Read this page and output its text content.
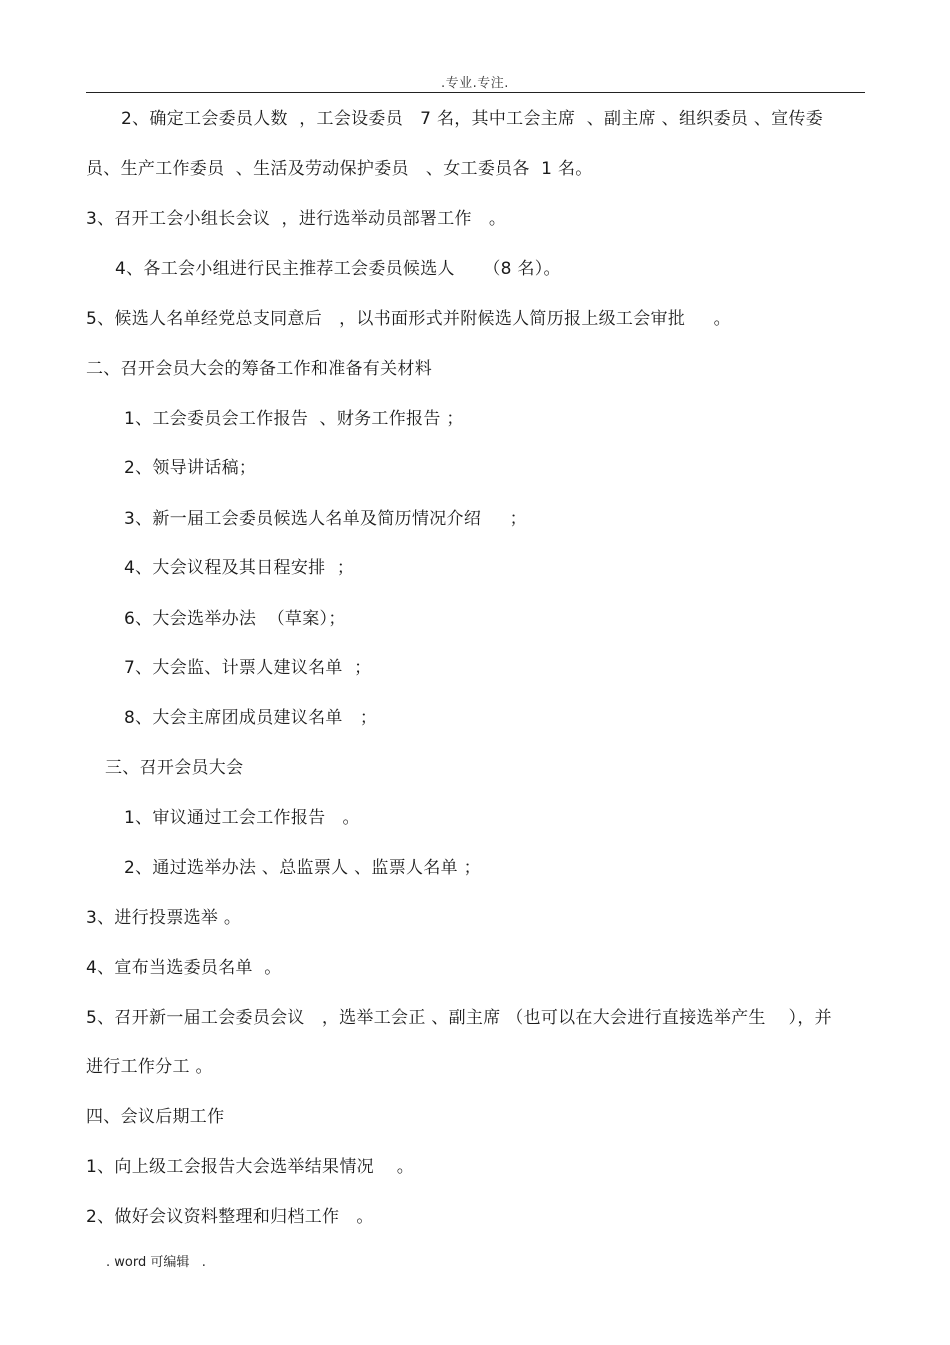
.专业.专注.
2、确定工会委员人数  ，工会设委员   7 名，其中工会主席  、副主席 、组织委员 、宣传委
员、生产工作委员  、生活及劳动保护委员   、女工委员各  1 名。
3、召开工会小组长会议  ，进行选举动员部署工作   。
4、各工会小组进行民主推荐工会委员候选人     （8 名）。
5、候选人名单经党总支同意后   ，以书面形式并附候选人简历报上级工会审批     。
二、召开会员大会的筹备工作和准备有关材料
1、工会委员会工作报告  、财务工作报告 ；
2、领导讲话稿；
3、新一届工会委员候选人名单及简历情况介绍     ；
4、大会议程及其日程安排  ；
6、大会选举办法  （草案）；
7、大会监、计票人建议名单  ；
8、大会主席团成员建议名单   ；
三、召开会员大会
1、审议通过工会工作报告   。
2、通过选举办法 、总监票人 、监票人名单 ；
3、进行投票选举 。
4、宣布当选委员名单  。
5、召开新一届工会委员会议   ，选举工会正 、副主席 （也可以在大会进行直接选举产生    ），并
进行工作分工 。
四、会议后期工作
1、向上级工会报告大会选举结果情况    。
2、做好会议资料整理和归档工作   。
. word 可编辑   .
